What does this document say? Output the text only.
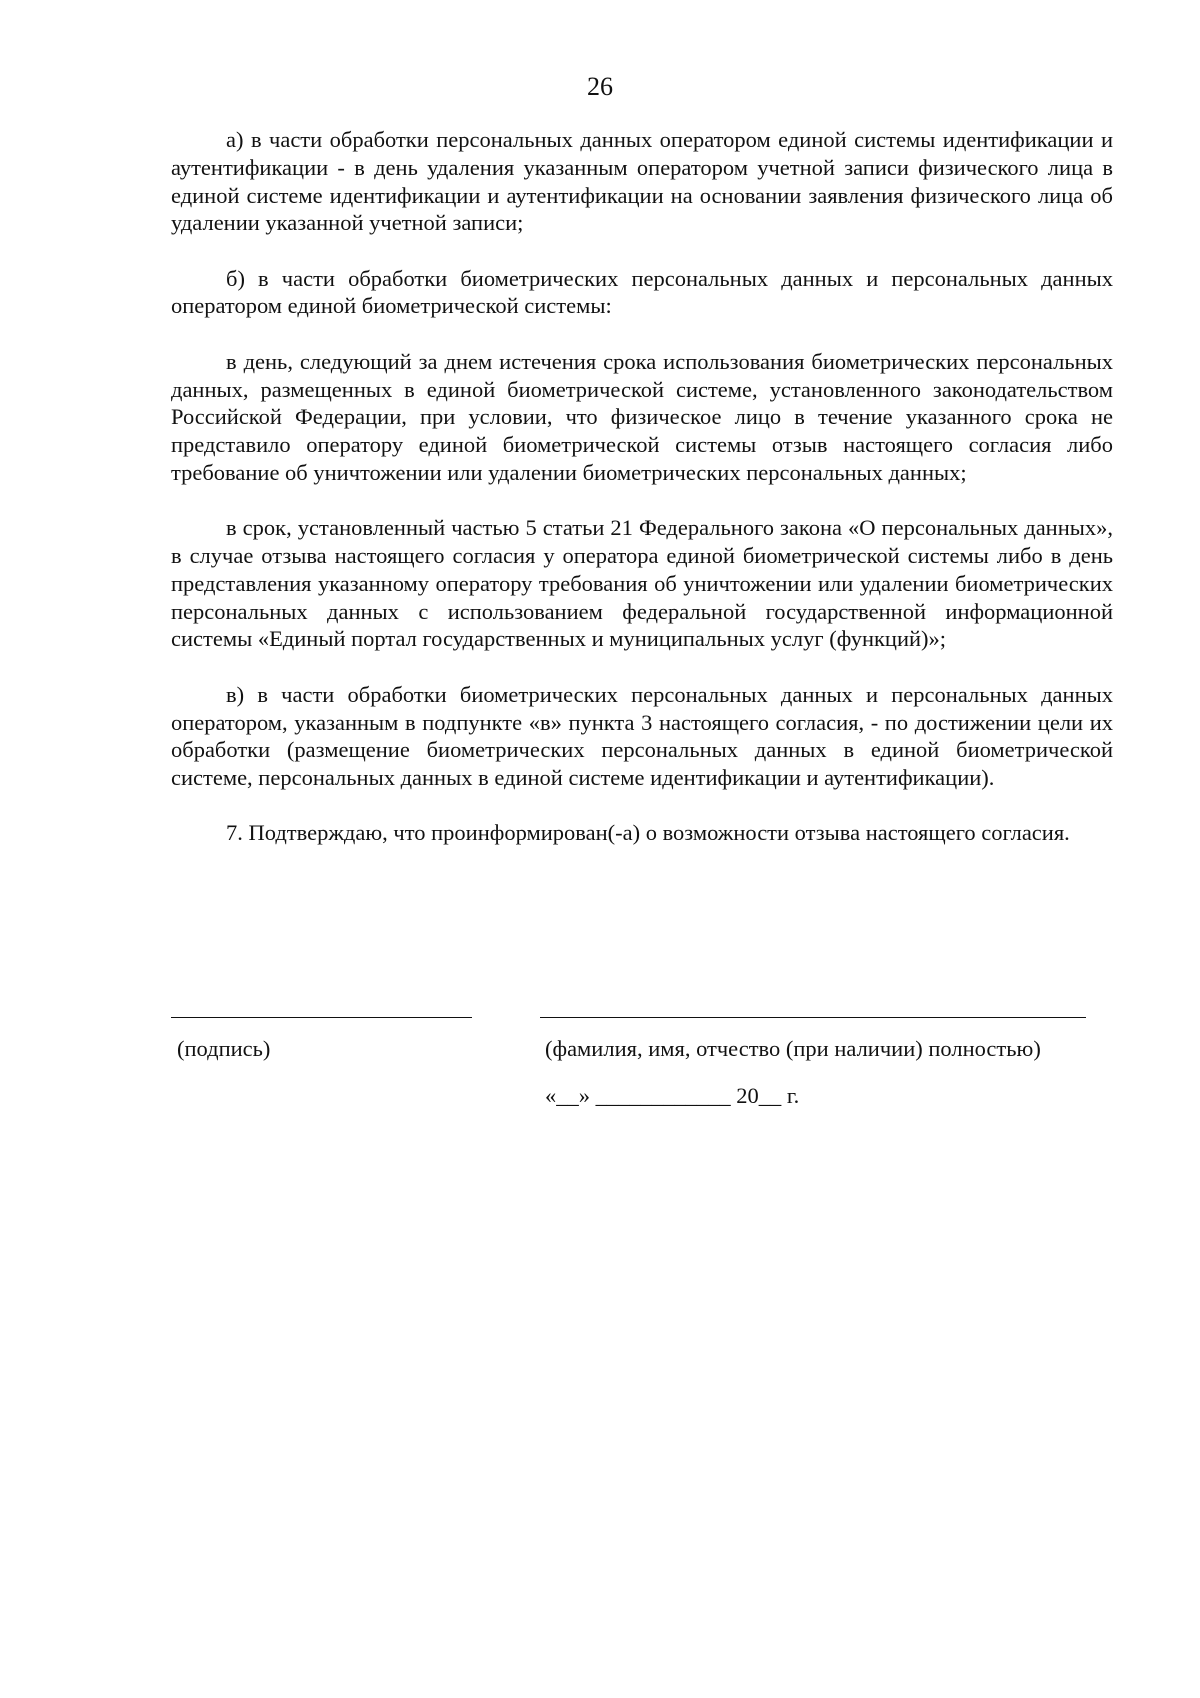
26

а) в части обработки персональных данных оператором единой системы идентификации и аутентификации - в день удаления указанным оператором учетной записи физического лица в единой системе идентификации и аутентификации на основании заявления физического лица об удалении указанной учетной записи;

б) в части обработки биометрических персональных данных и персональных данных оператором единой биометрической системы:

в день, следующий за днем истечения срока использования биометрических персональных данных, размещенных в единой биометрической системе, установленного законодательством Российской Федерации, при условии, что физическое лицо в течение указанного срока не представило оператору единой биометрической системы отзыв настоящего согласия либо требование об уничтожении или удалении биометрических персональных данных;

в срок, установленный частью 5 статьи 21 Федерального закона «О персональных данных», в случае отзыва настоящего согласия у оператора единой биометрической системы либо в день представления указанному оператору требования об уничтожении или удалении биометрических персональных данных с использованием федеральной государственной информационной системы «Единый портал государственных и муниципальных услуг (функций)»;

в) в части обработки биометрических персональных данных и персональных данных оператором, указанным в подпункте «в» пункта 3 настоящего согласия, - по достижении цели их обработки (размещение биометрических персональных данных в единой биометрической системе, персональных данных в единой системе идентификации и аутентификации).

7. Подтверждаю, что проинформирован(-а) о возможности отзыва настоящего согласия.

(подпись)	(фамилия, имя, отчество (при наличии) полностью)
«__» ____________ 20__ г.
